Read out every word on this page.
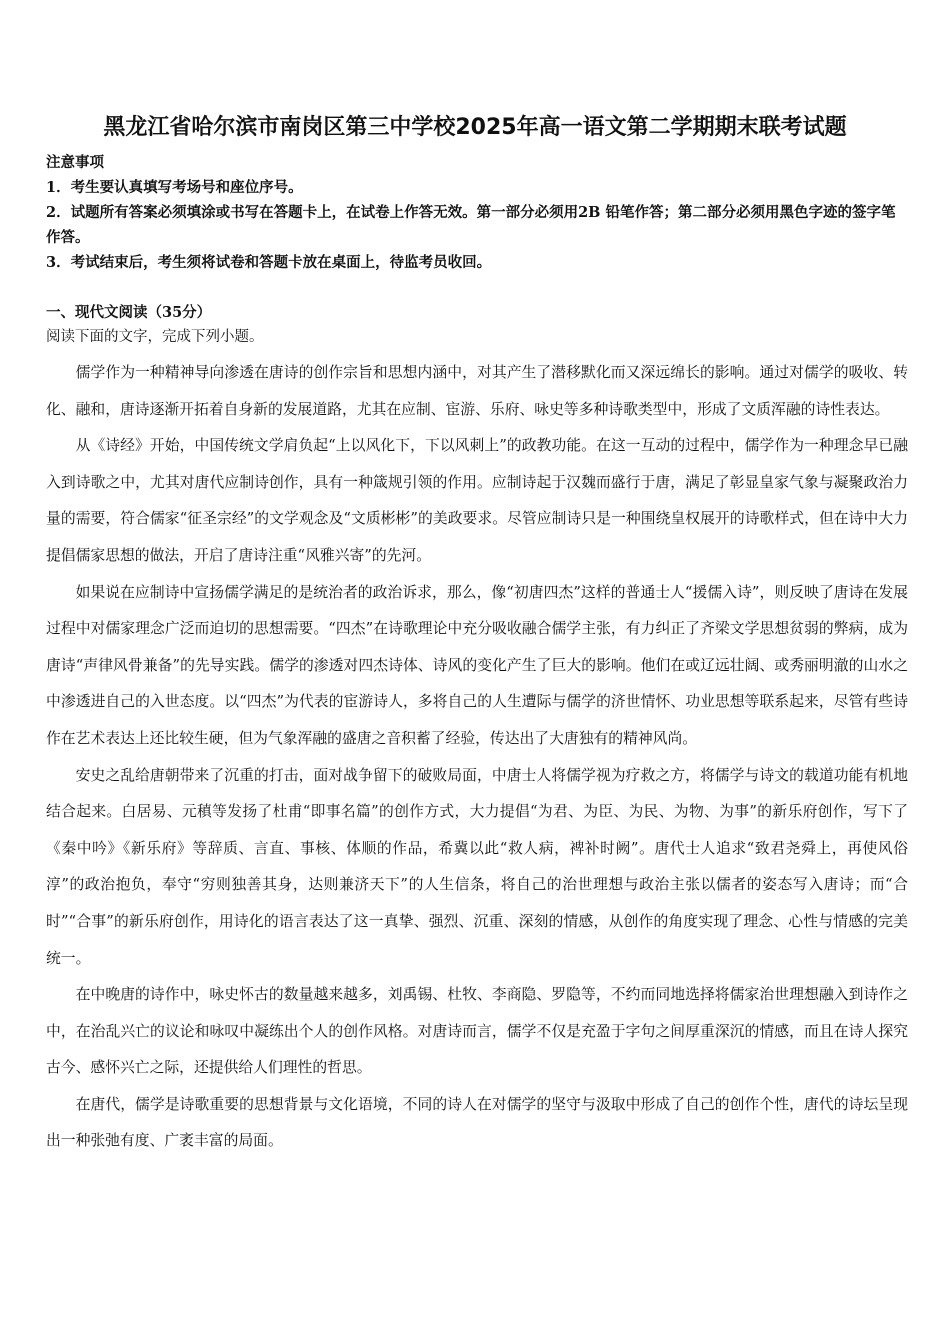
黑龙江省哈尔滨市南岗区第三中学校2025年高一语文第二学期期末联考试题
注意事项
1．考生要认真填写考场号和座位序号。
2．试题所有答案必须填涂或书写在答题卡上，在试卷上作答无效。第一部分必须用2B 铅笔作答；第二部分必须用黑色字迹的签字笔作答。
3．考试结束后，考生须将试卷和答题卡放在桌面上，待监考员收回。
一、现代文阅读（35分）
阅读下面的文字，完成下列小题。

儒学作为一种精神导向渗透在唐诗的创作宗旨和思想内涵中，对其产生了潜移默化而又深远绵长的影响。通过对儒学的吸收、转化、融和，唐诗逐渐开拓着自身新的发展道路，尤其在应制、宦游、乐府、咏史等多种诗歌类型中，形成了文质浑融的诗性表达。

从《诗经》开始，中国传统文学肩负起“上以风化下，下以风刺上”的政教功能。在这一互动的过程中，儒学作为一种理念早已融入到诗歌之中，尤其对唐代应制诗创作，具有一种箴规引领的作用。应制诗起于汉魏而盛行于唐，满足了彰显皇家气象与凝聚政治力量的需要，符合儒家“征圣宗经”的文学观念及“文质彬彬”的美政要求。尽管应制诗只是一种围绕皇权展开的诗歌样式，但在诗中大力提倡儒家思想的做法，开启了唐诗注重“风雅兴寄”的先河。

如果说在应制诗中宣扬儒学满足的是统治者的政治诉求，那么，像“初唐四杰”这样的普通士人“援儒入诗”，则反映了唐诗在发展过程中对儒家理念广泛而迫切的思想需要。“四杰”在诗歌理论中充分吸收融合儒学主张，有力纠正了齐梁文学思想贫弱的弊病，成为唐诗“声律风骨兼备”的先导实践。儒学的渗透对四杰诗体、诗风的变化产生了巨大的影响。他们在或辽远壮阔、或秀丽明澈的山水之中渗透进自己的入世态度。以“四杰”为代表的宦游诗人，多将自己的人生遭际与儒学的济世情怀、功业思想等联系起来，尽管有些诗作在艺术表达上还比较生硬，但为气象浑融的盛唐之音积蓄了经验，传达出了大唐独有的精神风尚。

安史之乱给唐朝带来了沉重的打击，面对战争留下的破败局面，中唐士人将儒学视为疗救之方，将儒学与诗文的载道功能有机地结合起来。白居易、元稹等发扬了杜甫“即事名篇”的创作方式，大力提倡“为君、为臣、为民、为物、为事”的新乐府创作，写下了《秦中吟》《新乐府》等辞质、言直、事核、体顺的作品，希冀以此“救人病，裨补时阙”。唐代士人追求“致君尧舜上，再使风俗淳”的政治抱负，奉守“穷则独善其身，达则兼济天下”的人生信条，将自己的治世理想与政治主张以儒者的姿态写入唐诗；而“合时”“合事”的新乐府创作，用诗化的语言表达了这一真挚、强烈、沉重、深刻的情感，从创作的角度实现了理念、心性与情感的完美统一。

在中晚唐的诗作中，咏史怀古的数量越来越多，刘禹锡、杜牧、李商隐、罗隐等，不约而同地选择将儒家治世理想融入到诗作之中，在治乱兴亡的议论和咏叹中凝练出个人的创作风格。对唐诗而言，儒学不仅是充盈于字句之间厚重深沉的情感，而且在诗人探究古今、感怀兴亡之际，还提供给人们理性的哲思。

在唐代，儒学是诗歌重要的思想背景与文化语境，不同的诗人在对儒学的坚守与汲取中形成了自己的创作个性，唐代的诗坛呈现出一种张弛有度、广袤丰富的局面。
